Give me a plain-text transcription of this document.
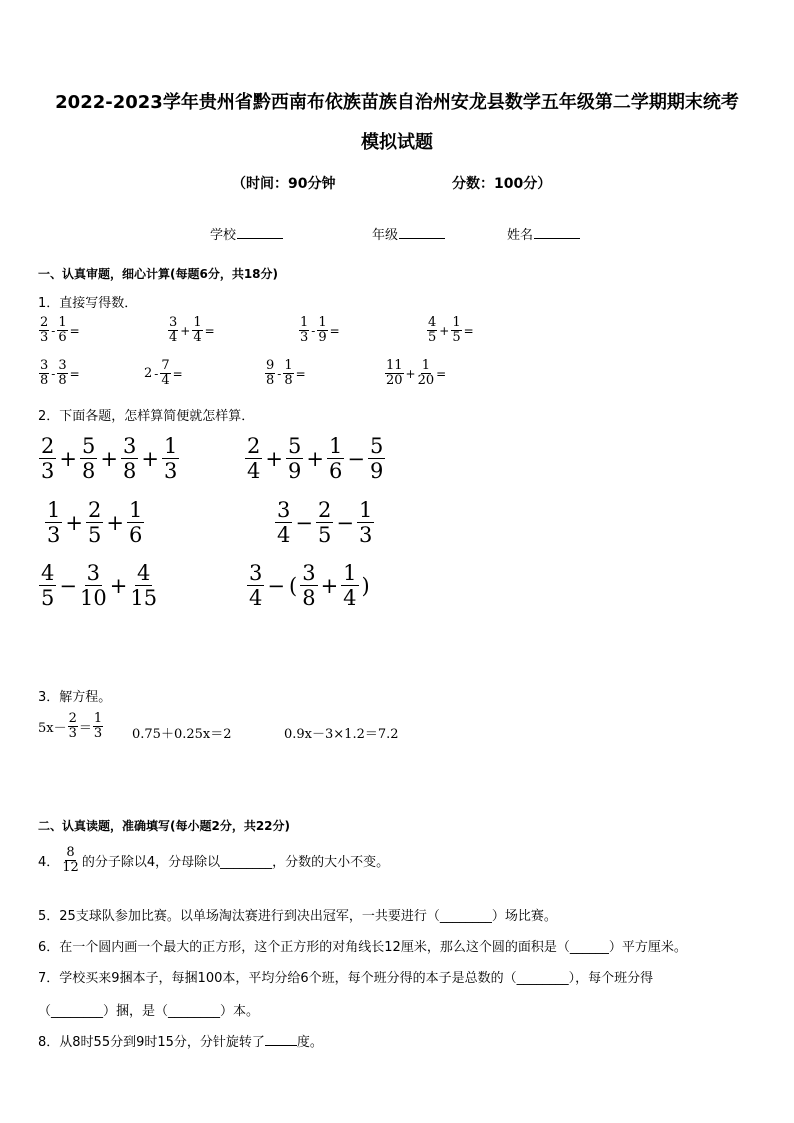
2022-2023学年贵州省黔西南布依族苗族自治州安龙县数学五年级第二学期期末统考
模拟试题
（时间：90分钟	分数：100分）
学校	年级	姓名
一、认真审题，细心计算(每题6分，共18分)
1．直接写得数．
$\frac{2}{3} - \frac{1}{6}$ =	$\frac{3}{4} + \frac{1}{4}$ =	$\frac{1}{3} - \frac{1}{9}$ =	$\frac{4}{5} + \frac{1}{5}$ =
$\frac{3}{8} - \frac{3}{8}$ =	$2 - \frac{7}{4}$ =	$\frac{9}{8} - \frac{1}{8}$ =	$\frac{11}{20} + \frac{1}{20}$ =
2．下面各题，怎样算简便就怎样算．
$\frac{2}{3} + \frac{5}{8} + \frac{3}{8} + \frac{1}{3}$	$\frac{2}{4} + \frac{5}{9} + \frac{1}{6} - \frac{5}{9}$
$\frac{1}{3} + \frac{2}{5} + \frac{1}{6}$	$\frac{3}{4} - \frac{2}{5} - \frac{1}{3}$
$\frac{4}{5} - \frac{3}{10} + \frac{4}{15}$	$\frac{3}{4}$ − ( $\frac{3}{8} + \frac{1}{4}$ )
3．解方程。
$5x- \frac{2}{3} = \frac{1}{3} 0.75+0.25x=2$	0.9x－3×1.2＝7.2
二、认真读题，准确填写(每小题2分，共22分)
4． $\frac{8}{12}$ 的分子除以4，分母除以________，分数的大小不变。
5．25支球队参加比赛。以单场淘汰赛进行到决出冠军，一共要进行（________）场比赛。
6．在一个圆内画一个最大的正方形，这个正方形的对角线长12厘米，那么这个圆的面积是（______）平方厘米。
7．学校买来9捆本子，每捆100本，平均分给6个班，每个班分得的本子是总数的（________），每个班分得
（________）捆，是（________）本。
8．从8时55分到9时15分，分针旋转了 度。
